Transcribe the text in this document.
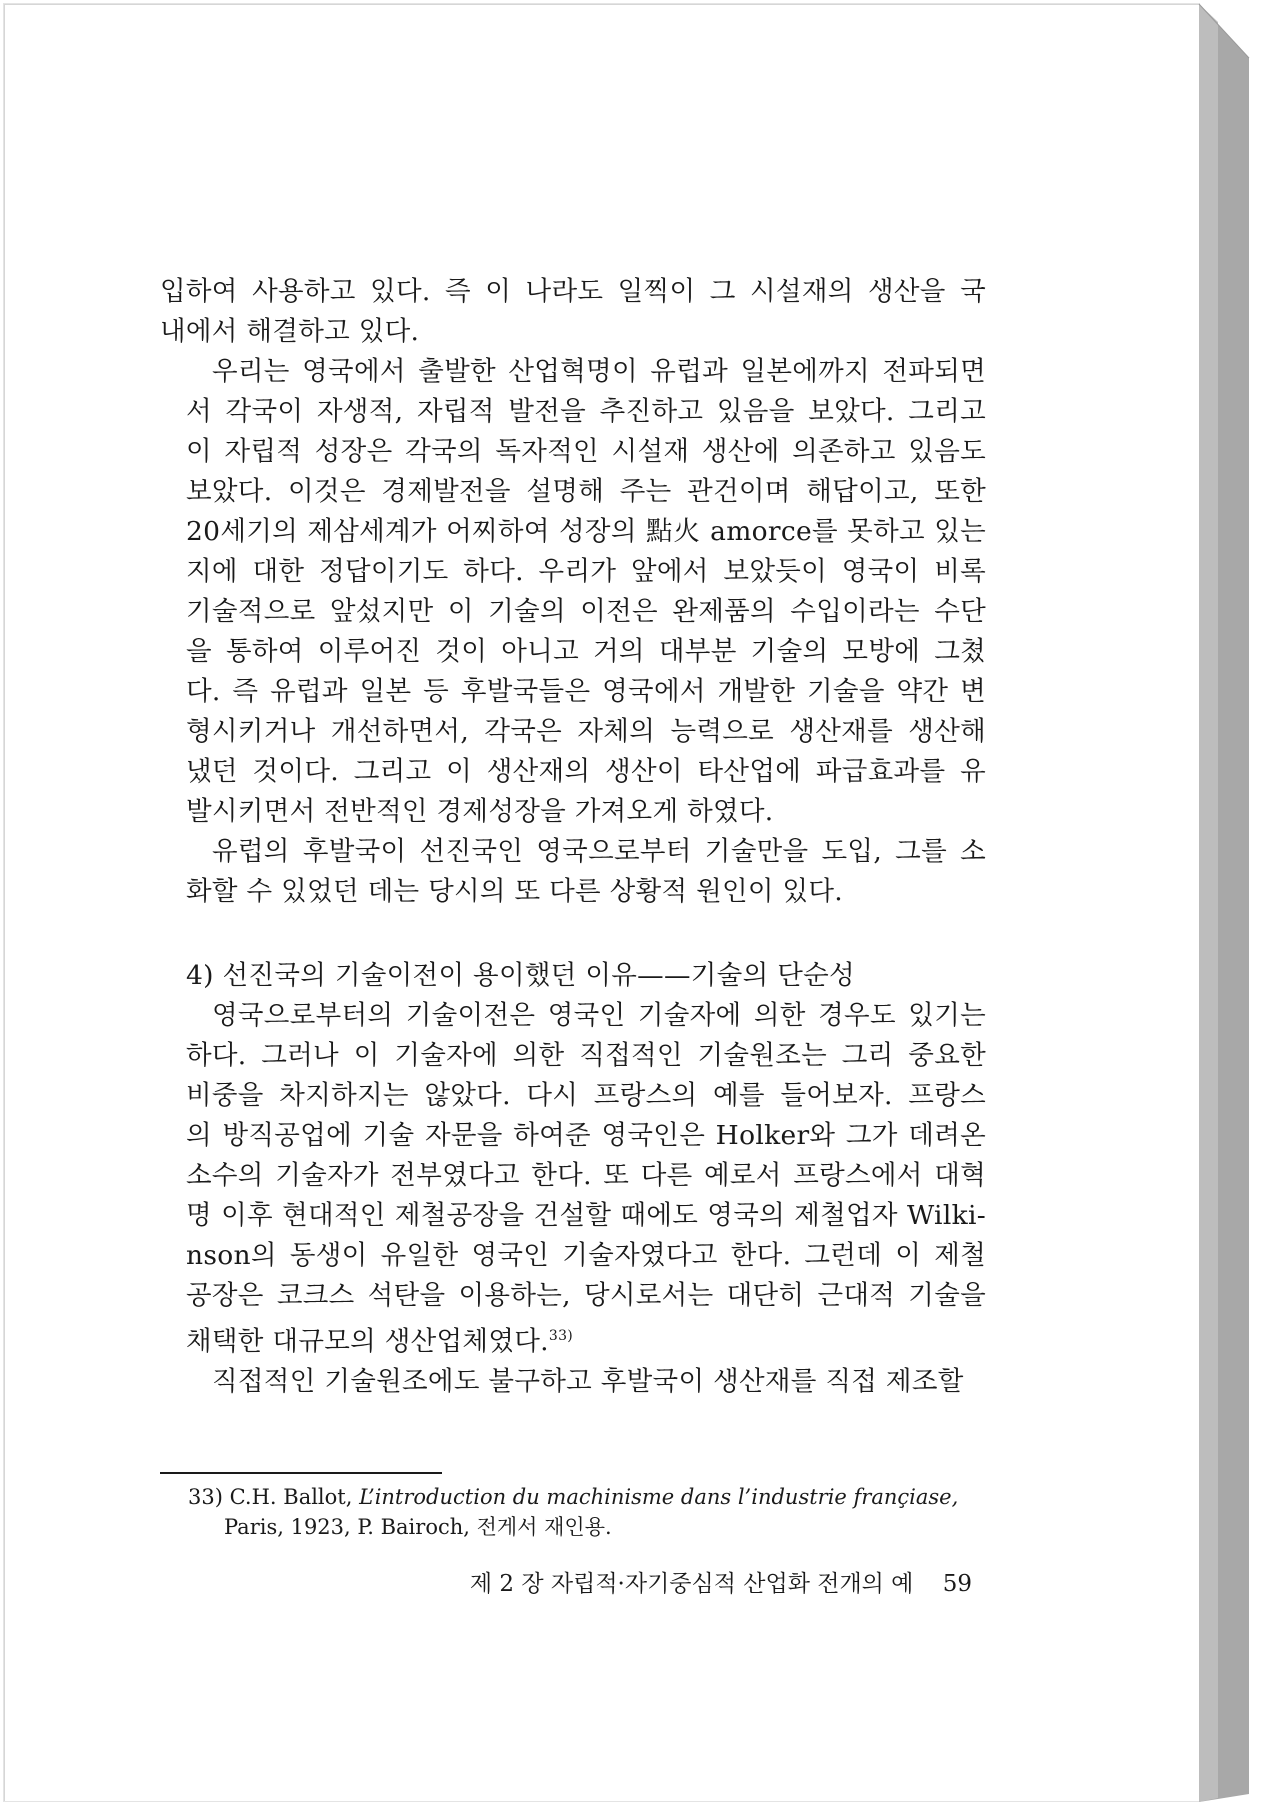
입하여 사용하고 있다. 즉 이 나라도 일찍이 그 시설재의 생산을 국
내에서 해결하고 있다.
우리는 영국에서 출발한 산업혁명이 유럽과 일본에까지 전파되면
서 각국이 자생적, 자립적 발전을 추진하고 있음을 보았다. 그리고
이 자립적 성장은 각국의 독자적인 시설재 생산에 의존하고 있음도
보았다. 이것은 경제발전을 설명해 주는 관건이며 해답이고, 또한
20세기의 제삼세계가 어찌하여 성장의 點火 amorce를 못하고 있는
지에 대한 정답이기도 하다. 우리가 앞에서 보았듯이 영국이 비록
기술적으로 앞섰지만 이 기술의 이전은 완제품의 수입이라는 수단
을 통하여 이루어진 것이 아니고 거의 대부분 기술의 모방에 그쳤
다. 즉 유럽과 일본 등 후발국들은 영국에서 개발한 기술을 약간 변
형시키거나 개선하면서, 각국은 자체의 능력으로 생산재를 생산해
냈던 것이다. 그리고 이 생산재의 생산이 타산업에 파급효과를 유
발시키면서 전반적인 경제성장을 가져오게 하였다.
유럽의 후발국이 선진국인 영국으로부터 기술만을 도입, 그를 소
화할 수 있었던 데는 당시의 또 다른 상황적 원인이 있다.
4) 선진국의 기술이전이 용이했던 이유——기술의 단순성
영국으로부터의 기술이전은 영국인 기술자에 의한 경우도 있기는
하다. 그러나 이 기술자에 의한 직접적인 기술원조는 그리 중요한
비중을 차지하지는 않았다. 다시 프랑스의 예를 들어보자. 프랑스
의 방직공업에 기술 자문을 하여준 영국인은 Holker와 그가 데려온
소수의 기술자가 전부였다고 한다. 또 다른 예로서 프랑스에서 대혁
명 이후 현대적인 제철공장을 건설할 때에도 영국의 제철업자 Wilki-
nson의 동생이 유일한 영국인 기술자였다고 한다. 그런데 이 제철
공장은 코크스 석탄을 이용하는, 당시로서는 대단히 근대적 기술을
채택한 대규모의 생산업체였다.$^{33)}$
직접적인 기술원조에도 불구하고 후발국이 생산재를 직접 제조할
33) C.H. Ballot, L’introduction du machinisme dans l’industrie françiase,
Paris, 1923, P. Bairoch, 전게서 재인용.
제 2 장 자립적·자기중심적 산업화 전개의 예 59
